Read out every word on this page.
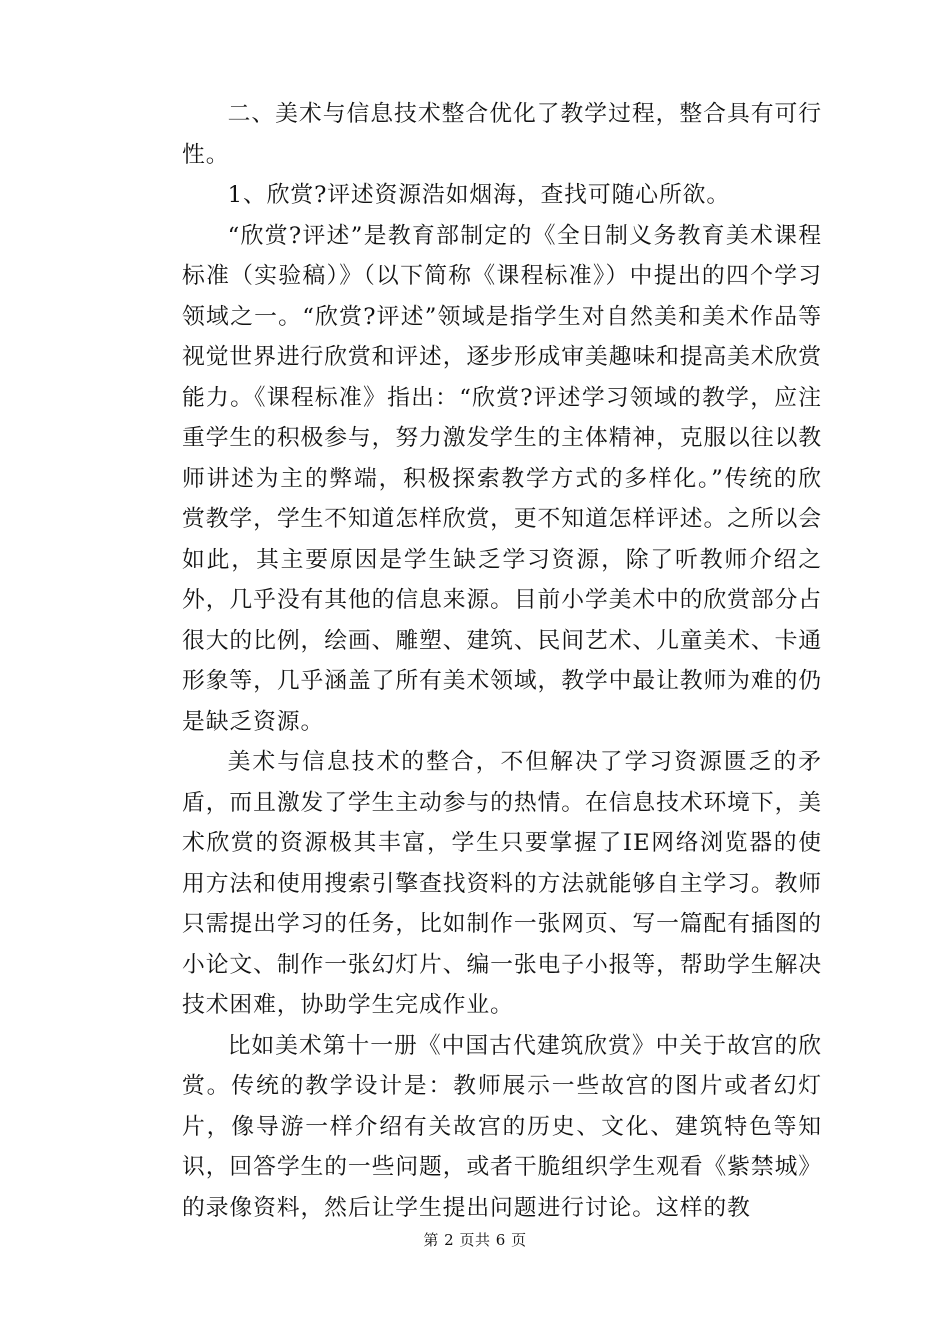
二、美术与信息技术整合优化了教学过程，整合具有可行性。

1、欣赏?评述资源浩如烟海，查找可随心所欲。

“欣赏?评述”是教育部制定的《全日制义务教育美术课程标准（实验稿）》（以下简称《课程标准》）中提出的四个学习领域之一。“欣赏?评述”领域是指学生对自然美和美术作品等视觉世界进行欣赏和评述，逐步形成审美趣味和提高美术欣赏能力。《课程标准》指出：“欣赏?评述学习领域的教学，应注重学生的积极参与，努力激发学生的主体精神，克服以往以教师讲述为主的弊端，积极探索教学方式的多样化。”传统的欣赏教学，学生不知道怎样欣赏，更不知道怎样评述。之所以会如此，其主要原因是学生缺乏学习资源，除了听教师介绍之外，几乎没有其他的信息来源。目前小学美术中的欣赏部分占很大的比例，绘画、雕塑、建筑、民间艺术、儿童美术、卡通形象等，几乎涵盖了所有美术领域，教学中最让教师为难的仍是缺乏资源。

美术与信息技术的整合，不但解决了学习资源匮乏的矛盾，而且激发了学生主动参与的热情。在信息技术环境下，美术欣赏的资源极其丰富，学生只要掌握了IE网络浏览器的使用方法和使用搜索引擎查找资料的方法就能够自主学习。教师只需提出学习的任务，比如制作一张网页、写一篇配有插图的小论文、制作一张幻灯片、编一张电子小报等，帮助学生解决技术困难，协助学生完成作业。

比如美术第十一册《中国古代建筑欣赏》中关于故宫的欣赏。传统的教学设计是：教师展示一些故宫的图片或者幻灯片，像导游一样介绍有关故宫的历史、文化、建筑特色等知识，回答学生的一些问题，或者干脆组织学生观看《紫禁城》的录像资料，然后让学生提出问题进行讨论。这样的教

第 2 页共 6 页
